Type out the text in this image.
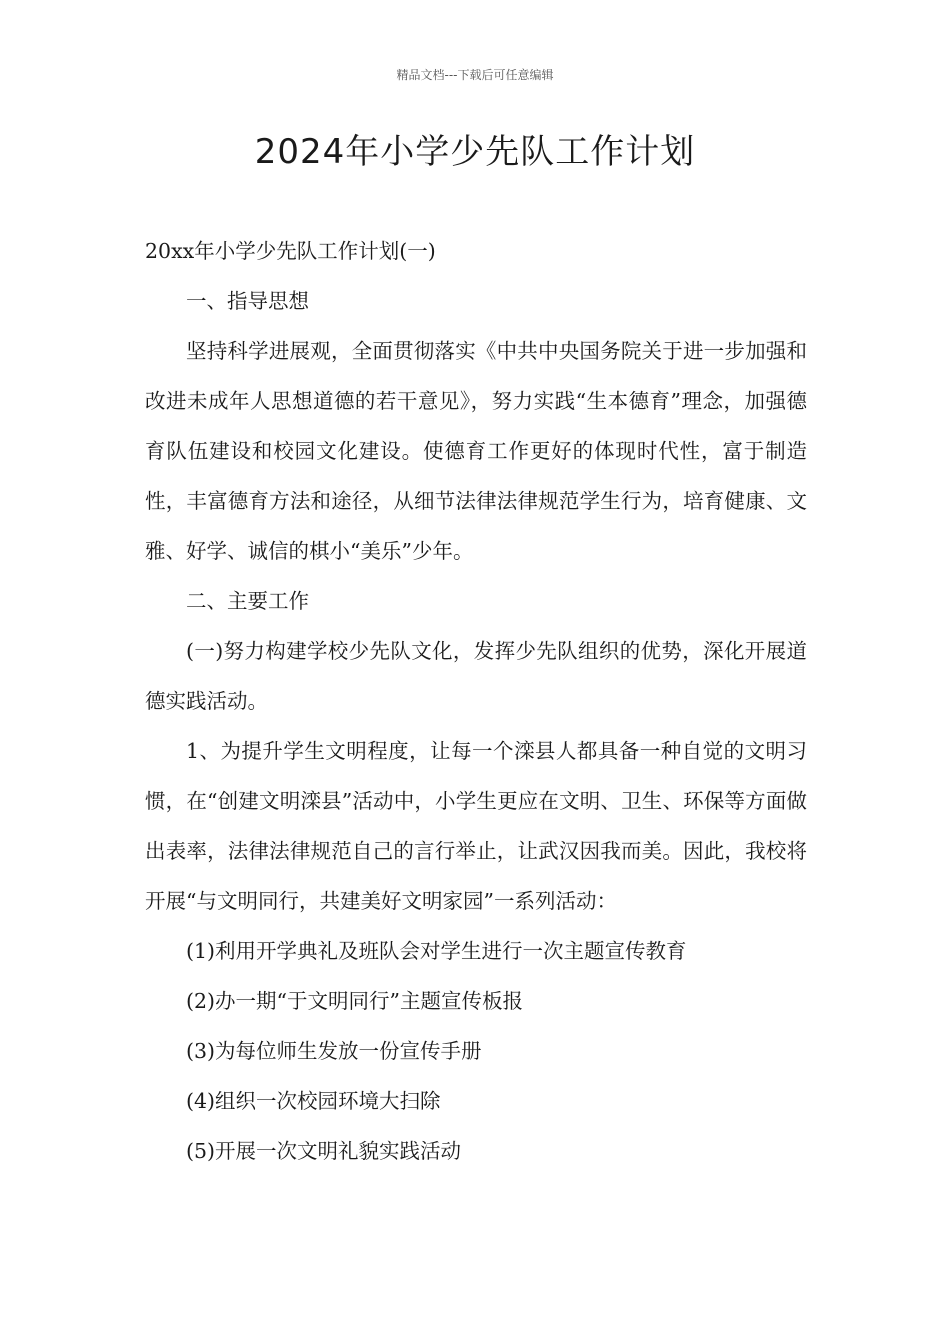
精品文档---下载后可任意编辑
2024年小学少先队工作计划

20xx年小学少先队工作计划(一)

一、指导思想

坚持科学进展观，全面贯彻落实《中共中央国务院关于进一步加强和改进未成年人思想道德的若干意见》，努力实践“生本德育”理念，加强德育队伍建设和校园文化建设。使德育工作更好的体现时代性，富于制造性，丰富德育方法和途径，从细节法律法律规范学生行为，培育健康、文雅、好学、诚信的棋小“美乐”少年。

二、主要工作

(一)努力构建学校少先队文化，发挥少先队组织的优势，深化开展道德实践活动。

1、为提升学生文明程度，让每一个滦县人都具备一种自觉的文明习惯，在“创建文明滦县”活动中，小学生更应在文明、卫生、环保等方面做出表率，法律法律规范自己的言行举止，让武汉因我而美。因此，我校将开展“与文明同行，共建美好文明家园”一系列活动：

(1)利用开学典礼及班队会对学生进行一次主题宣传教育

(2)办一期“于文明同行”主题宣传板报

(3)为每位师生发放一份宣传手册

(4)组织一次校园环境大扫除

(5)开展一次文明礼貌实践活动
